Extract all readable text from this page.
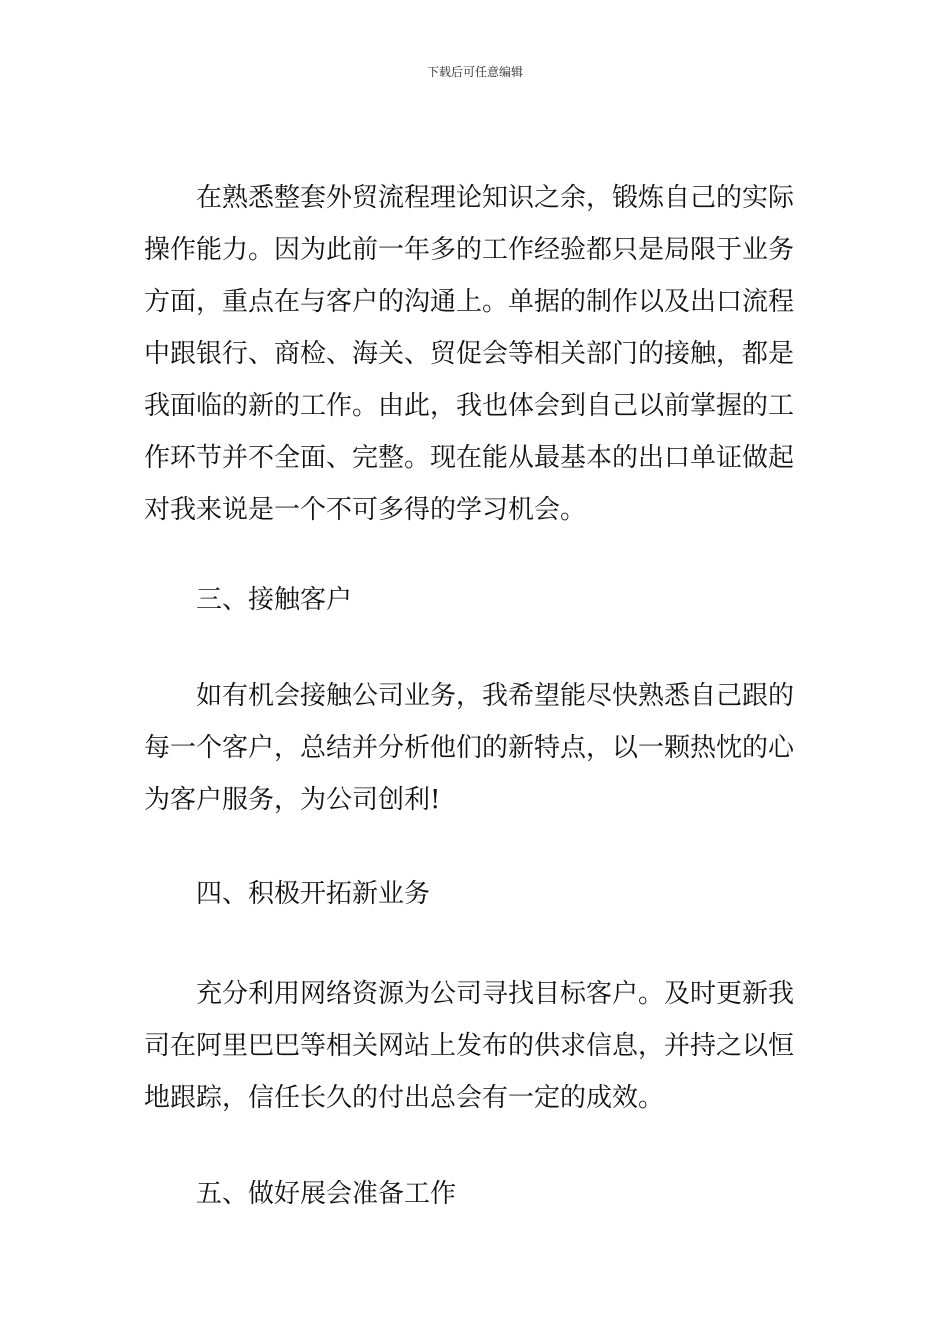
下载后可任意编辑

在熟悉整套外贸流程理论知识之余，锻炼自己的实际操作能力。因为此前一年多的工作经验都只是局限于业务方面，重点在与客户的沟通上。单据的制作以及出口流程中跟银行、商检、海关、贸促会等相关部门的接触，都是我面临的新的工作。由此，我也体会到自己以前掌握的工作环节并不全面、完整。现在能从最基本的出口单证做起对我来说是一个不可多得的学习机会。

三、接触客户

如有机会接触公司业务，我希望能尽快熟悉自己跟的每一个客户，总结并分析他们的新特点，以一颗热忱的心为客户服务，为公司创利!

四、积极开拓新业务

充分利用网络资源为公司寻找目标客户。及时更新我司在阿里巴巴等相关网站上发布的供求信息，并持之以恒地跟踪，信任长久的付出总会有一定的成效。

五、做好展会准备工作
